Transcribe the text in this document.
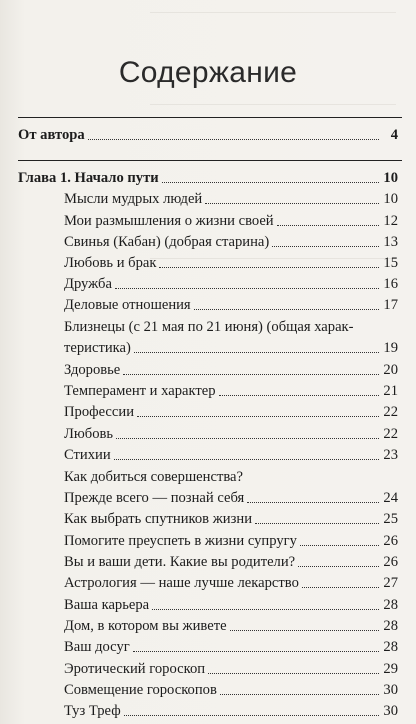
Содержание
От автора	4
Глава 1. Начало пути	10
Мысли мудрых людей	10
Мои размышления о жизни своей	12
Свинья (Кабан) (добрая старина)	13
Любовь и брак	15
Дружба	16
Деловые отношения	17
Близнецы (с 21 мая по 21 июня) (общая харак-
теристика)	19
Здоровье	20
Темперамент и характер	21
Профессии	22
Любовь	22
Стихии	23
Как добиться совершенства?
Прежде всего — познай себя	24
Как выбрать спутников жизни	25
Помогите преуспеть в жизни супругу	26
Вы и ваши дети. Какие вы родители?	26
Астрология — наше лучше лекарство	27
Ваша карьера	28
Дом, в котором вы живете	28
Ваш досуг	28
Эротический гороскоп	29
Совмещение гороскопов	30
Туз Треф	30
